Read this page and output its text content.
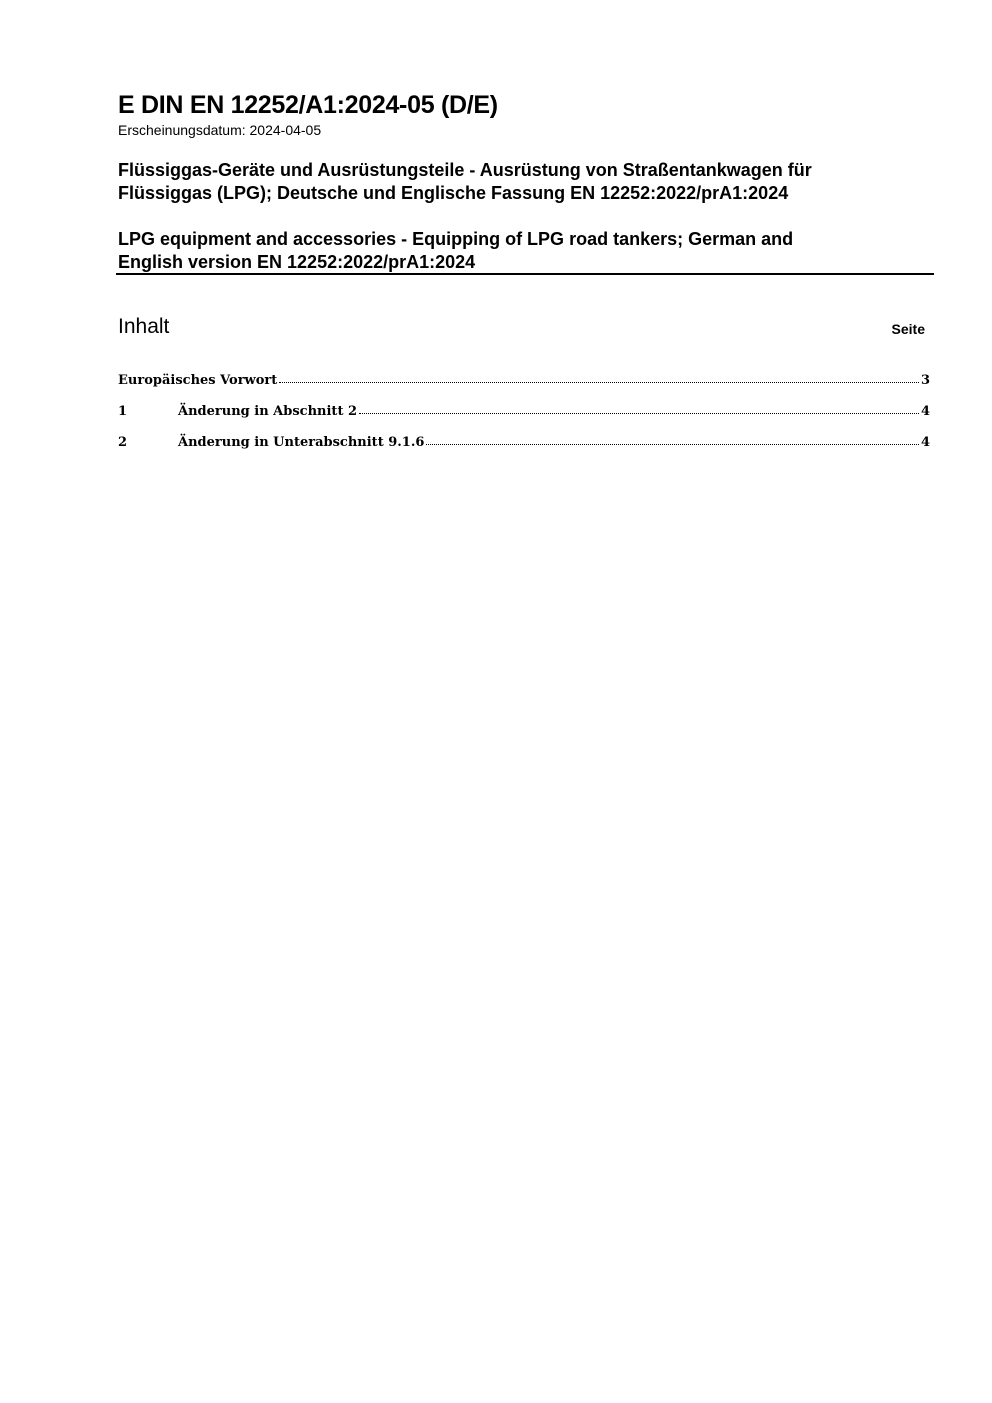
E DIN EN 12252/A1:2024-05 (D/E)
Erscheinungsdatum: 2024-04-05
Flüssiggas-Geräte und Ausrüstungsteile - Ausrüstung von Straßentankwagen für
Flüssiggas (LPG); Deutsche und Englische Fassung EN 12252:2022/prA1:2024
LPG equipment and accessories - Equipping of LPG road tankers; German and
English version EN 12252:2022/prA1:2024
Inhalt	Seite
Europäisches Vorwort	3
1	Änderung in Abschnitt 2	4
2	Änderung in Unterabschnitt 9.1.6	4
